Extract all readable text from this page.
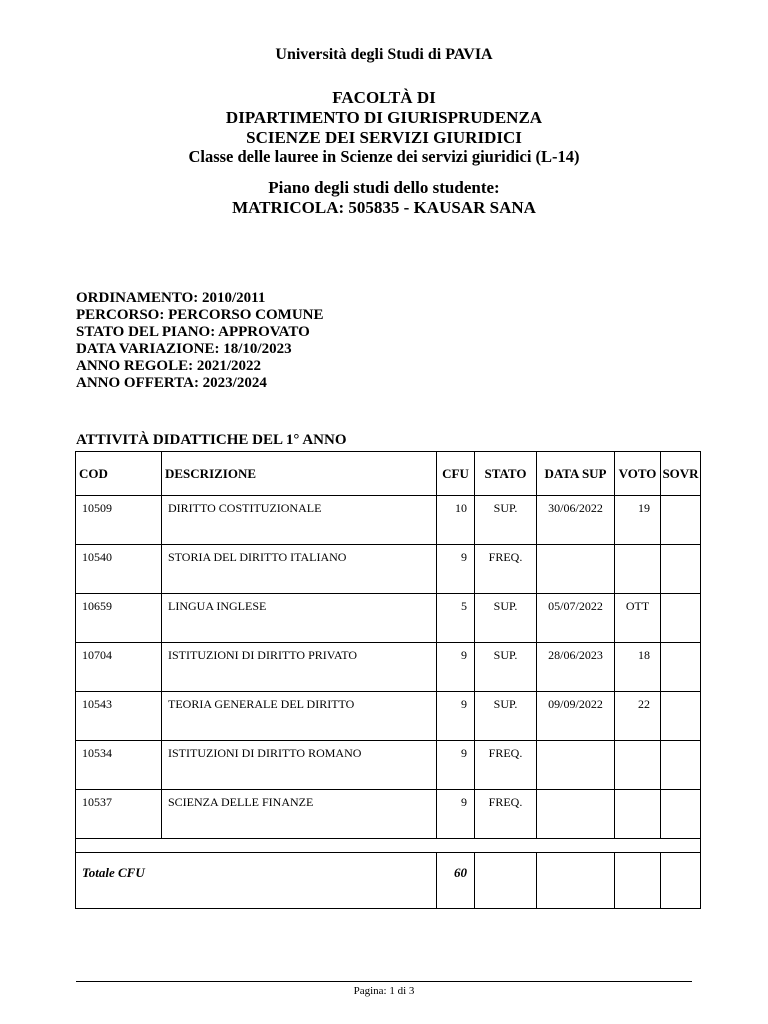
Università degli Studi di PAVIA
FACOLTÀ DI
DIPARTIMENTO DI GIURISPRUDENZA
SCIENZE DEI SERVIZI GIURIDICI
Classe delle lauree in Scienze dei servizi giuridici (L-14)
Piano degli studi dello studente:
MATRICOLA: 505835 - KAUSAR SANA
ORDINAMENTO: 2010/2011
PERCORSO: PERCORSO COMUNE
STATO DEL PIANO: APPROVATO
DATA VARIAZIONE: 18/10/2023
ANNO REGOLE: 2021/2022
ANNO OFFERTA: 2023/2024
ATTIVITÀ DIDATTICHE DEL 1° ANNO
COD	DESCRIZIONE	CFU	STATO	DATA SUP	VOTO	SOVR
10509	DIRITTO COSTITUZIONALE	10	SUP.	30/06/2022	19	
10540	STORIA DEL DIRITTO ITALIANO	9	FREQ.			
10659	LINGUA INGLESE	5	SUP.	05/07/2022	OTT	
10704	ISTITUZIONI DI DIRITTO PRIVATO	9	SUP.	28/06/2023	18	
10543	TEORIA GENERALE DEL DIRITTO	9	SUP.	09/09/2022	22	
10534	ISTITUZIONI DI DIRITTO ROMANO	9	FREQ.			
10537	SCIENZA DELLE FINANZE	9	FREQ.			

Totale CFU		60				
Pagina: 1 di 3
